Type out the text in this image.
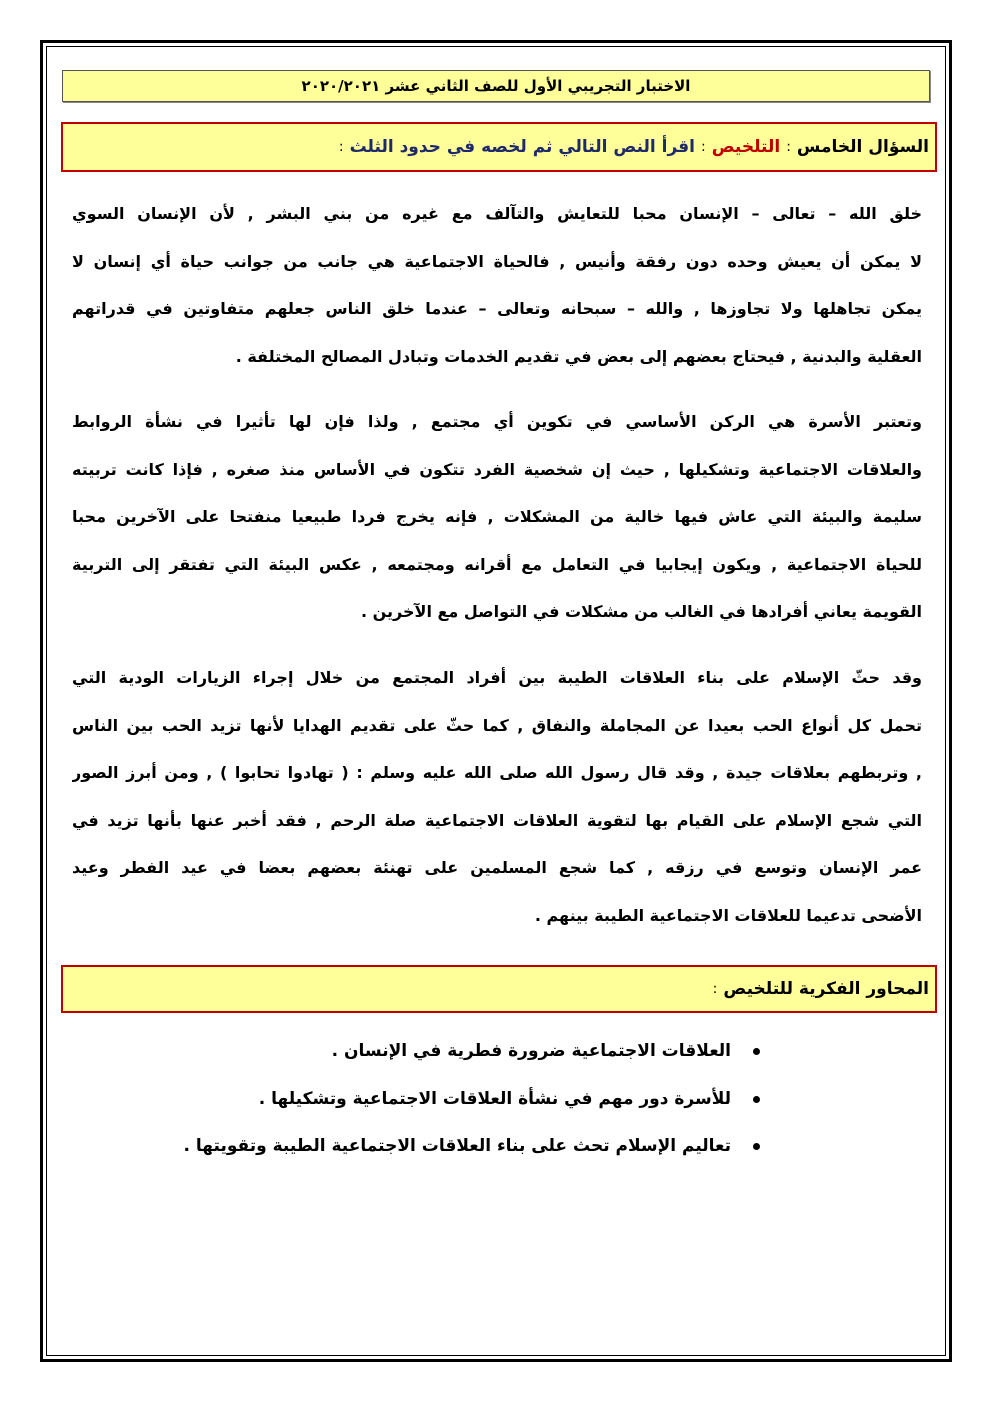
الاختبار التجريبي الأول للصف الثاني عشر ٢٠٢٠/٢٠٢١
السؤال الخامس
:
التلخيص
:
اقرأ النص التالي ثم لخصه في حدود الثلث
:
خلق الله – تعالى – الإنسان محبا للتعايش والتآلف مع غيره من بني البشر , لأن الإنسان السوي
لا يمكن أن يعيش وحده دون رفقة وأنيس , فالحياة الاجتماعية هي جانب من جوانب حياة أي إنسان لا
يمكن تجاهلها ولا تجاوزها , والله – سبحانه وتعالى – عندما خلق الناس جعلهم متفاوتين في قدراتهم
العقلية والبدنية , فيحتاج بعضهم إلى بعض في تقديم الخدمات وتبادل المصالح المختلفة .
وتعتبر الأسرة هي الركن الأساسي في تكوين أي مجتمع , ولذا فإن لها تأثيرا في نشأة الروابط
والعلاقات الاجتماعية وتشكيلها , حيث إن شخصية الفرد تتكون في الأساس منذ صغره , فإذا كانت تربيته
سليمة والبيئة التي عاش فيها خالية من المشكلات , فإنه يخرج فردا طبيعيا منفتحا على الآخرين محبا
للحياة الاجتماعية , ويكون إيجابيا في التعامل مع أقرانه ومجتمعه , عكس البيئة التي تفتقر إلى التربية
القويمة يعاني أفرادها في الغالب من مشكلات في التواصل مع الآخرين .
وقد حثّ الإسلام على بناء العلاقات الطيبة بين أفراد المجتمع من خلال إجراء الزيارات الودية التي
تحمل كل أنواع الحب بعيدا عن المجاملة والنفاق , كما حثّ على تقديم الهدايا لأنها تزيد الحب بين الناس
, وتربطهم بعلاقات جيدة , وقد قال رسول الله صلى الله عليه وسلم : ( تهادوا تحابوا ) , ومن أبرز الصور
التي شجع الإسلام على القيام بها لتقوية العلاقات الاجتماعية صلة الرحم , فقد أخبر عنها بأنها تزيد في
عمر الإنسان وتوسع في رزقه , كما شجع المسلمين على تهنئة بعضهم بعضا في عيد الفطر وعيد
الأضحى تدعيما للعلاقات الاجتماعية الطيبة بينهم .
المحاور الفكرية للتلخيص
:
العلاقات الاجتماعية ضرورة فطرية في الإنسان .
للأسرة دور مهم في نشأة العلاقات الاجتماعية وتشكيلها .
تعاليم الإسلام تحث على بناء العلاقات الاجتماعية الطيبة وتقويتها .
